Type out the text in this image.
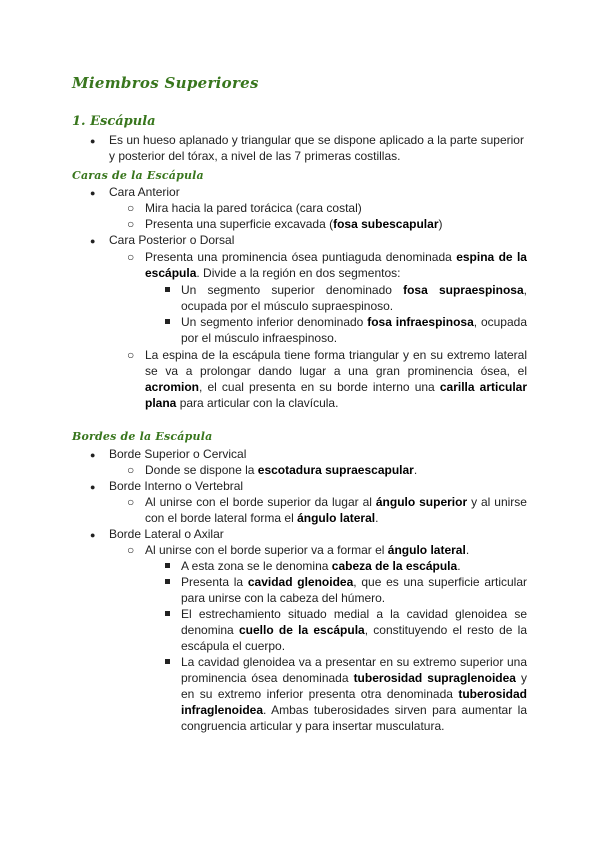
Miembros Superiores
1. Escápula
● Es un hueso aplanado y triangular que se dispone aplicado a la parte superior
y posterior del tórax, a nivel de las 7 primeras costillas.
Caras de la Escápula
● Cara Anterior
○ Mira hacia la pared torácica (cara costal)
○ Presenta una superficie excavada (fosa subescapular)
● Cara Posterior o Dorsal
○ Presenta una prominencia ósea puntiaguda denominada espina de la
escápula. Divide a la región en dos segmentos:
Un segmento superior denominado fosa supraespinosa,
ocupada por el músculo supraespinoso.
Un segmento inferior denominado fosa infraespinosa, ocupada
por el músculo infraespinoso.
○ La espina de la escápula tiene forma triangular y en su extremo lateral
se va a prolongar dando lugar a una gran prominencia ósea, el
acromion, el cual presenta en su borde interno una carilla articular
plana para articular con la clavícula.
Bordes de la Escápula
● Borde Superior o Cervical
○ Donde se dispone la escotadura supraescapular.
● Borde Interno o Vertebral
○ Al unirse con el borde superior da lugar al ángulo superior y al unirse
con el borde lateral forma el ángulo lateral.
● Borde Lateral o Axilar
○ Al unirse con el borde superior va a formar el ángulo lateral.
A esta zona se le denomina cabeza de la escápula.
Presenta la cavidad glenoidea, que es una superficie articular
para unirse con la cabeza del húmero.
El estrechamiento situado medial a la cavidad glenoidea se
denomina cuello de la escápula, constituyendo el resto de la
escápula el cuerpo.
La cavidad glenoidea va a presentar en su extremo superior una
prominencia ósea denominada tuberosidad supraglenoidea y
en su extremo inferior presenta otra denominada tuberosidad
infraglenoidea. Ambas tuberosidades sirven para aumentar la
congruencia articular y para insertar musculatura.
